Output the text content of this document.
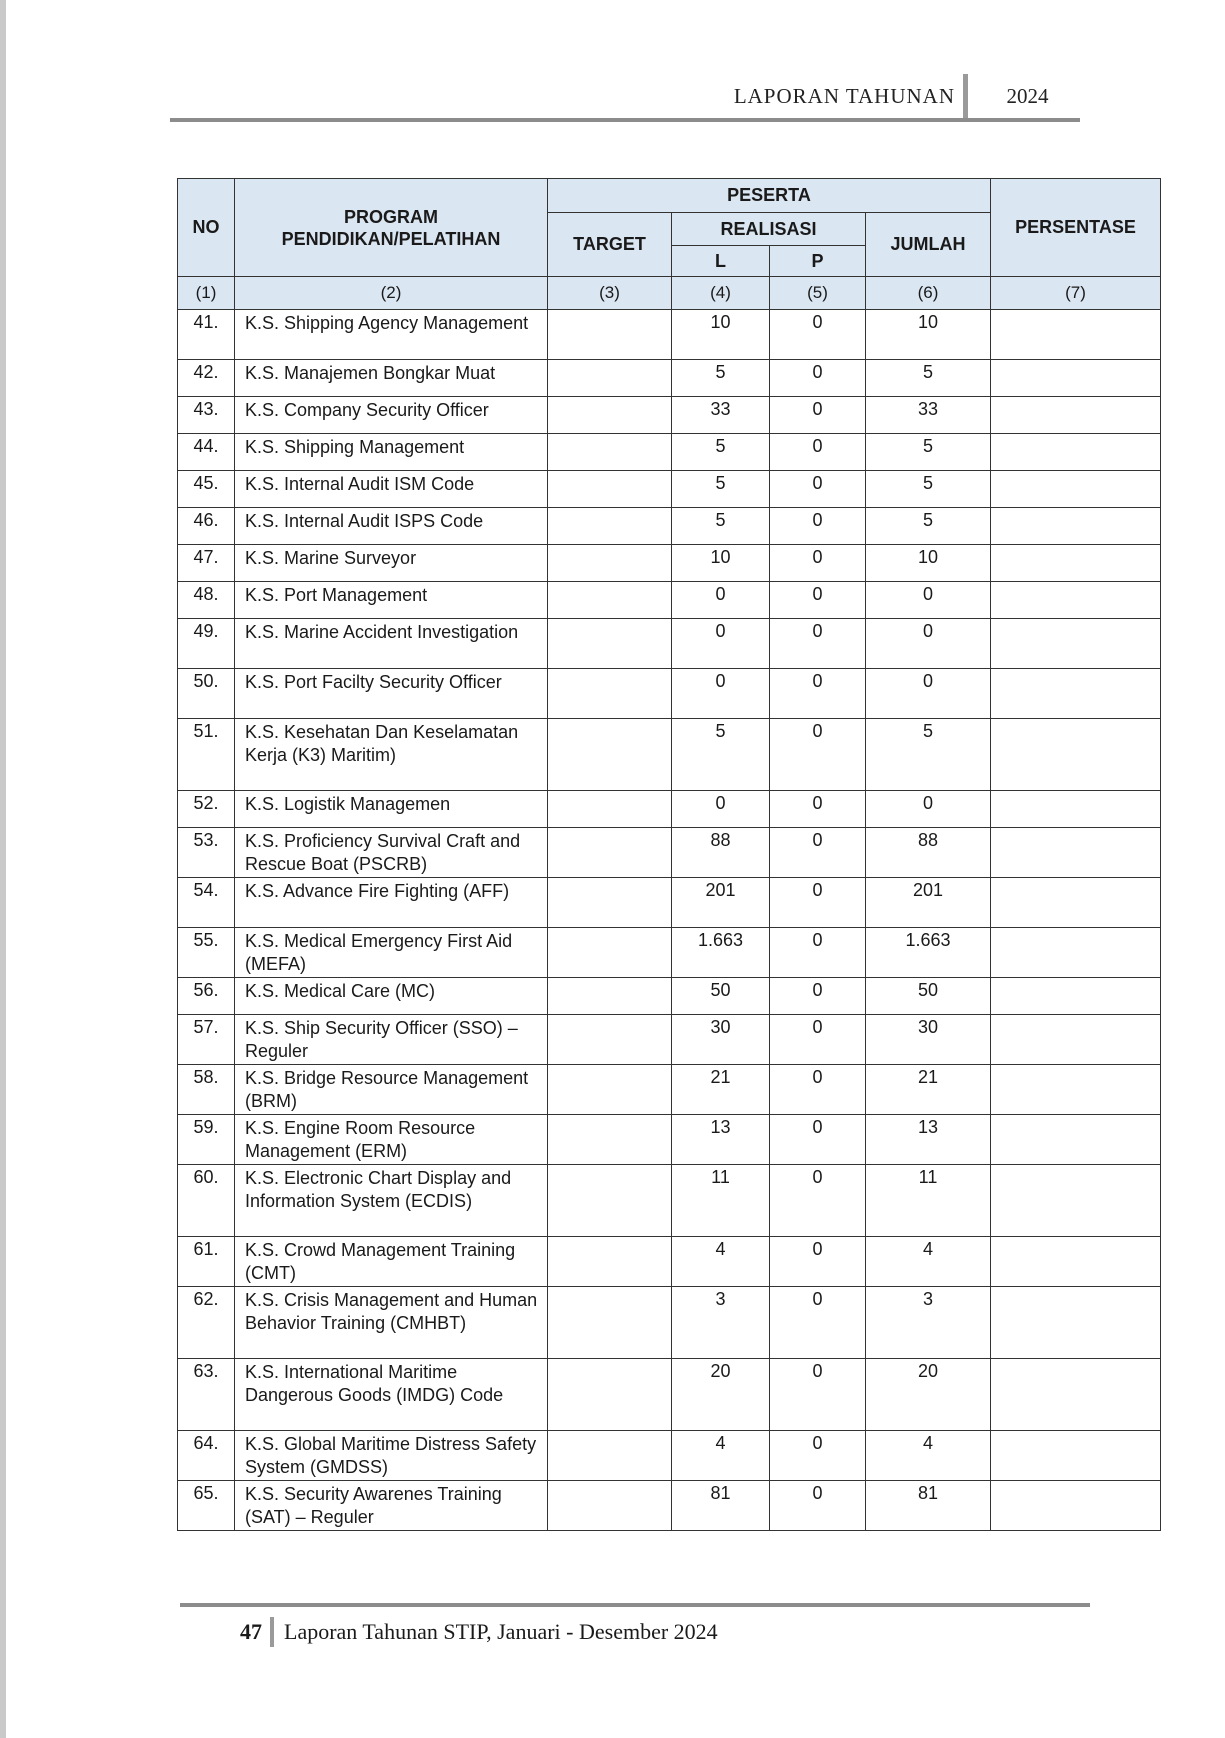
LAPORAN TAHUNAN	2024
NO	PROGRAM PENDIDIKAN/PELATIHAN	PESERTA				PERSENTASE
		TARGET	REALISASI		JUMLAH	
			L	P		
(1)	(2)	(3)	(4)	(5)	(6)	(7)
41.	K.S. Shipping Agency Management		10	0	10	
42.	K.S. Manajemen Bongkar Muat		5	0	5	
43.	K.S. Company Security Officer		33	0	33	
44.	K.S. Shipping Management		5	0	5	
45.	K.S. Internal Audit ISM Code		5	0	5	
46.	K.S. Internal Audit ISPS Code		5	0	5	
47.	K.S. Marine Surveyor		10	0	10	
48.	K.S. Port Management		0	0	0	
49.	K.S. Marine Accident Investigation		0	0	0	
50.	K.S. Port Facilty Security Officer		0	0	0	
51.	K.S. Kesehatan Dan Keselamatan Kerja (K3) Maritim)		5	0	5	
52.	K.S. Logistik Managemen		0	0	0	
53.	K.S. Proficiency Survival Craft and Rescue Boat (PSCRB)		88	0	88	
54.	K.S. Advance Fire Fighting (AFF)		201	0	201	
55.	K.S. Medical Emergency First Aid (MEFA)		1.663	0	1.663	
56.	K.S. Medical Care (MC)		50	0	50	
57.	K.S. Ship Security Officer (SSO) – Reguler		30	0	30	
58.	K.S. Bridge Resource Management (BRM)		21	0	21	
59.	K.S. Engine Room Resource Management (ERM)		13	0	13	
60.	K.S. Electronic Chart Display and Information System (ECDIS)		11	0	11	
61.	K.S. Crowd Management Training (CMT)		4	0	4	
62.	K.S. Crisis Management and Human Behavior Training (CMHBT)		3	0	3	
63.	K.S. International Maritime Dangerous Goods (IMDG) Code		20	0	20	
64.	K.S. Global Maritime Distress Safety System (GMDSS)		4	0	4	
65.	K.S. Security Awarenes Training (SAT) – Reguler		81	0	81	
47 Laporan Tahunan STIP, Januari - Desember 2024
